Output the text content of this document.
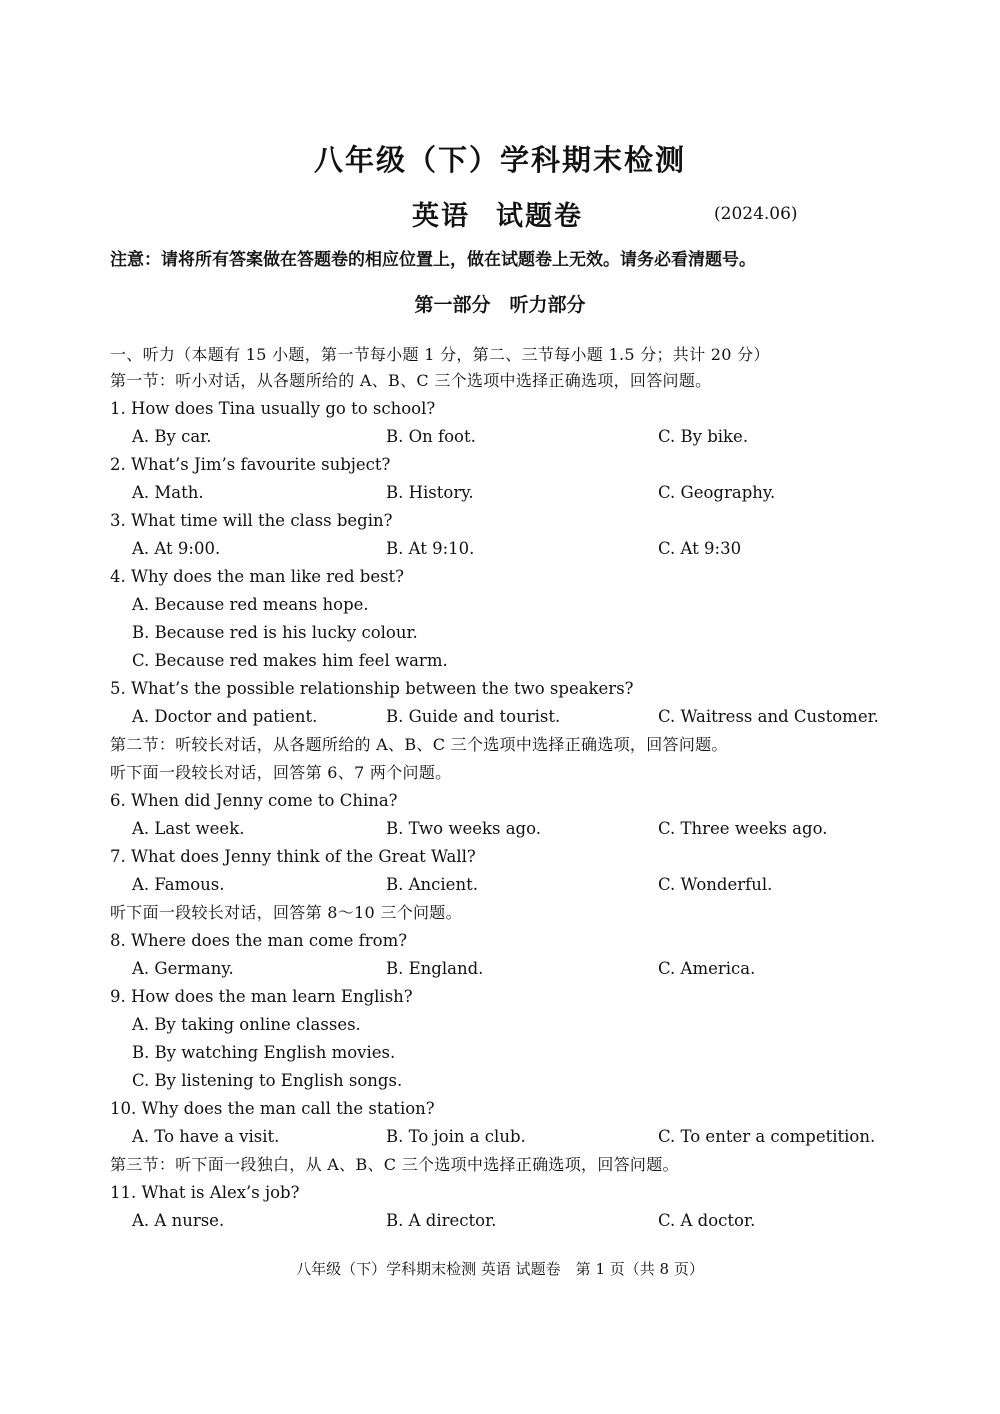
八年级（下）学科期末检测
英语 试题卷	(2024.06)
注意：请将所有答案做在答题卷的相应位置上，做在试题卷上无效。请务必看清题号。
第一部分　听力部分
一、听力（本题有 15 小题，第一节每小题 1 分，第二、三节每小题 1.5 分；共计 20 分）
第一节：听小对话，从各题所给的 A、B、C 三个选项中选择正确选项，回答问题。
1. How does Tina usually go to school?
A. By car.	B. On foot.	C. By bike.
2. What’s Jim’s favourite subject?
A. Math.	B. History.	C. Geography.
3. What time will the class begin?
A. At 9:00.	B. At 9:10.	C. At 9:30
4. Why does the man like red best?
A. Because red means hope.
B. Because red is his lucky colour.
C. Because red makes him feel warm.
5. What’s the possible relationship between the two speakers?
A. Doctor and patient.	B. Guide and tourist.	C. Waitress and Customer.
第二节：听较长对话，从各题所给的 A、B、C 三个选项中选择正确选项，回答问题。
听下面一段较长对话，回答第 6、7 两个问题。
6. When did Jenny come to China?
A. Last week.	B. Two weeks ago.	C. Three weeks ago.
7. What does Jenny think of the Great Wall?
A. Famous.	B. Ancient.	C. Wonderful.
听下面一段较长对话，回答第 8～10 三个问题。
8. Where does the man come from?
A. Germany.	B. England.	C. America.
9. How does the man learn English?
A. By taking online classes.
B. By watching English movies.
C. By listening to English songs.
10. Why does the man call the station?
A. To have a visit.	B. To join a club.	C. To enter a competition.
第三节：听下面一段独白，从 A、B、C 三个选项中选择正确选项，回答问题。
11. What is Alex’s job?
A. A nurse.	B. A director.	C. A doctor.
八年级（下）学科期末检测 英语 试题卷　第 1 页（共 8 页）
